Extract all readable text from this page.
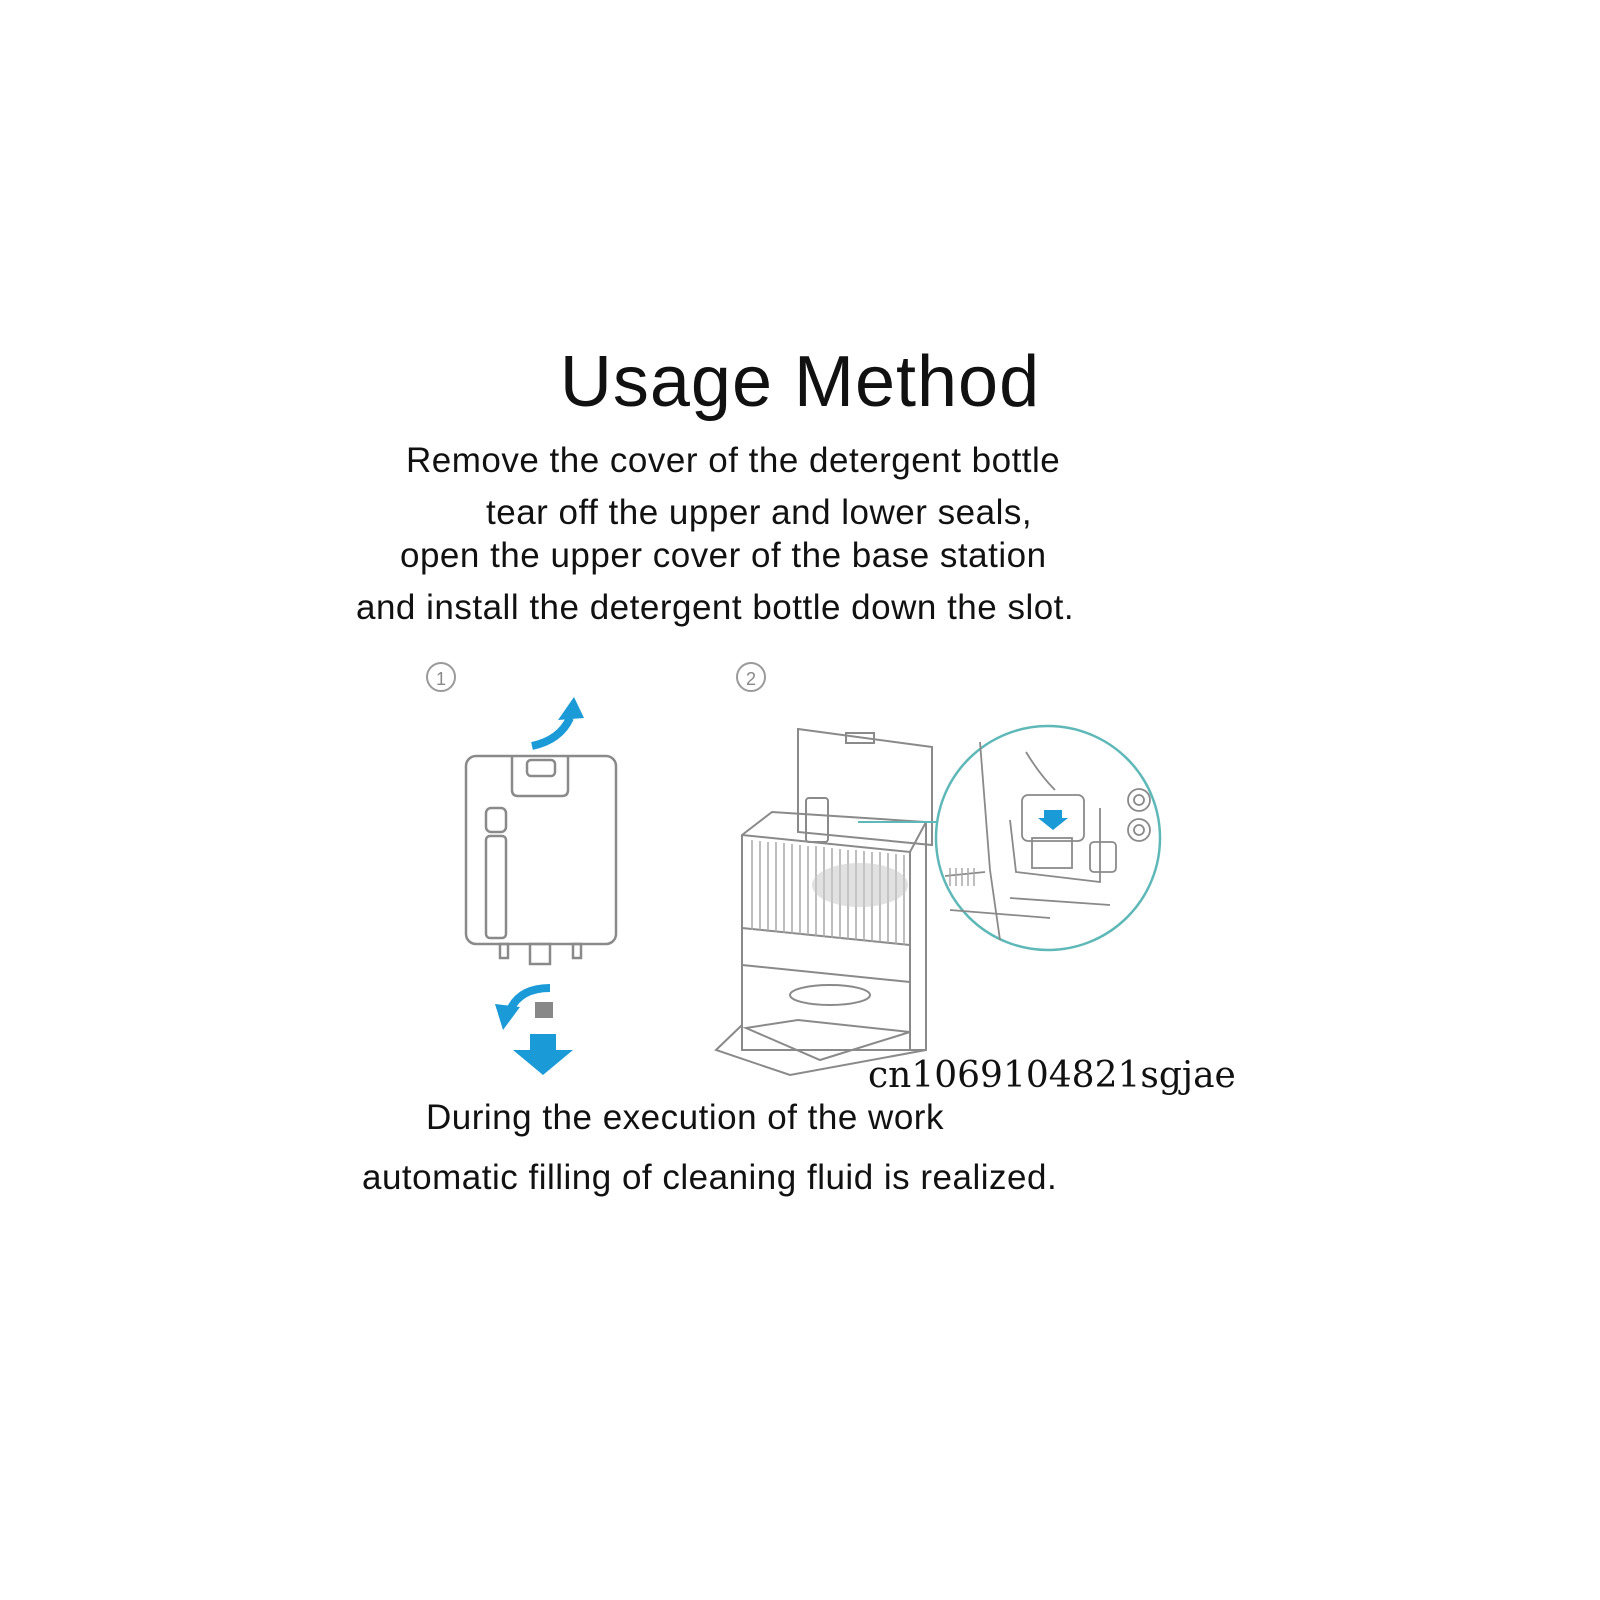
Usage Method
Remove the cover of the detergent bottle
tear off the upper and lower seals,
open the upper cover of the base station
and install the detergent bottle down the slot.
1	2
cn1069104821sgjae
During the execution of the work
automatic filling of cleaning fluid is realized.
